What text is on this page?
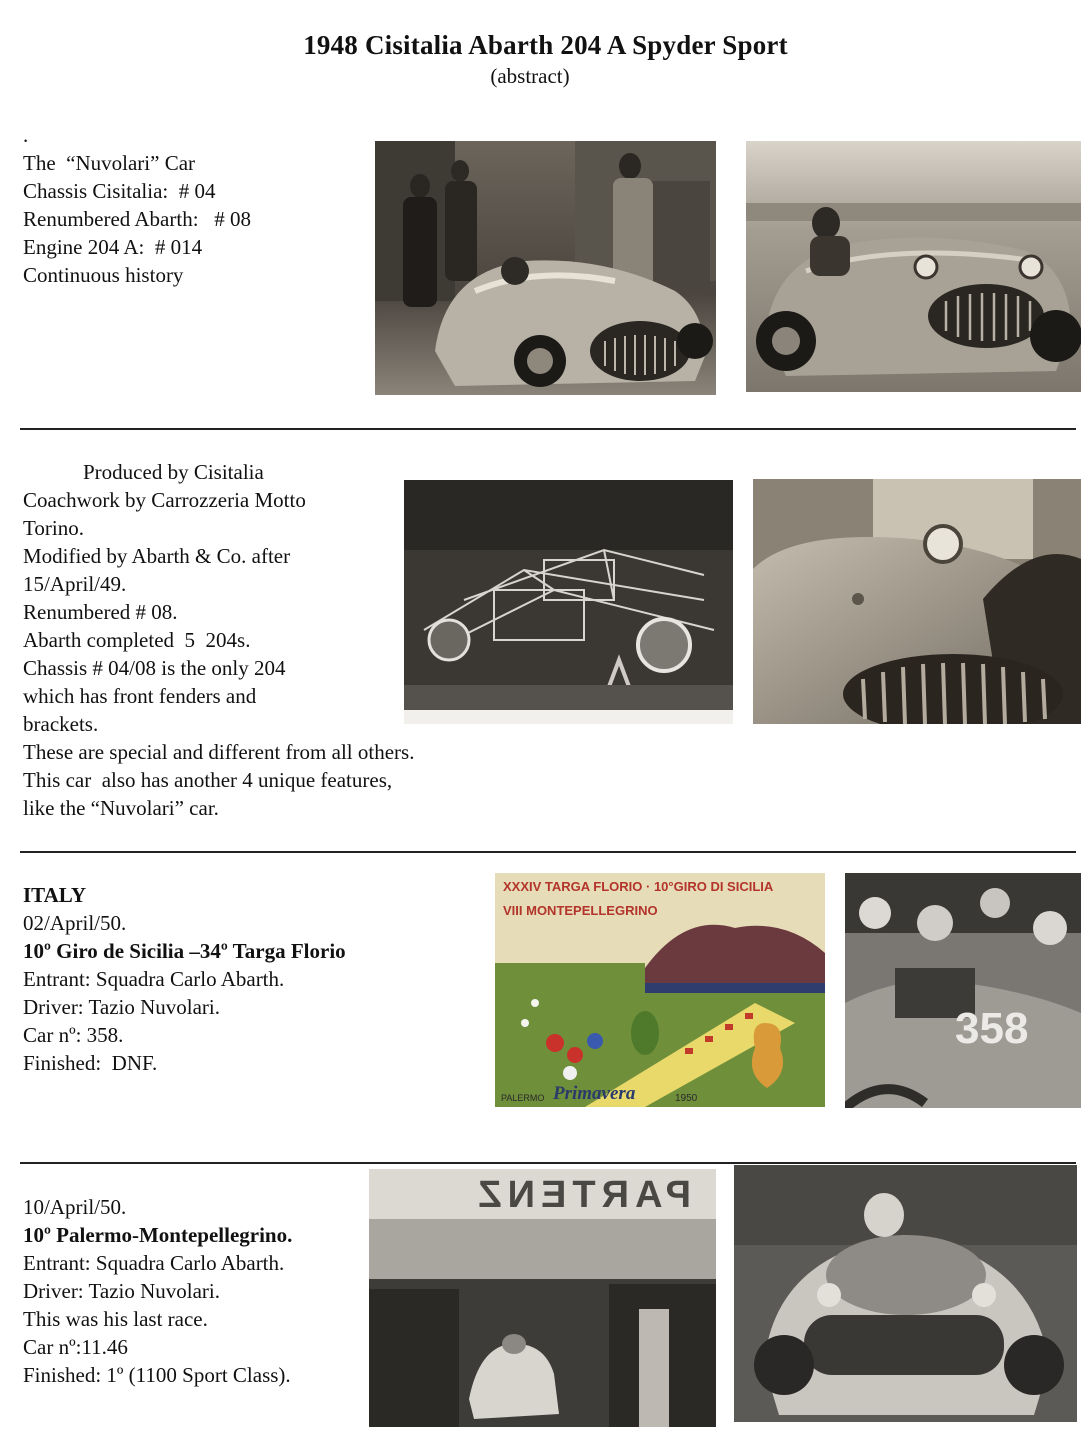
1948 Cisitalia Abarth 204 A Spyder Sport
(abstract)
.
The  “Nuvolari” Car
Chassis Cisitalia:  # 04
Renumbered Abarth:   # 08
Engine 204 A:  # 014
Continuous history
Produced by Cisitalia
Coachwork by Carrozzeria Motto
Torino.
Modified by Abarth & Co. after
15/April/49.
Renumbered # 08.
Abarth completed  5  204s.
Chassis # 04/08 is the only 204
which has front fenders and
brackets.
These are special and different from all others.
This car  also has another 4 unique features,
like the “Nuvolari” car.
ITALY
02/April/50.
10º Giro de Sicilia –34º Targa Florio
Entrant: Squadra Carlo Abarth.
Driver: Tazio Nuvolari.
Car nº: 358.
Finished:  DNF.
XXXIV TARGA FLORIO · 10°GIRO DI SICILIA
VIII MONTEPELLEGRINO
PALERMO Primavera	1950
358
10/April/50.
10º Palermo-Montepellegrino.
Entrant: Squadra Carlo Abarth.
Driver: Tazio Nuvolari.
This was his last race.
Car nº:11.46
Finished: 1º (1100 Sport Class).
PARTENZ
